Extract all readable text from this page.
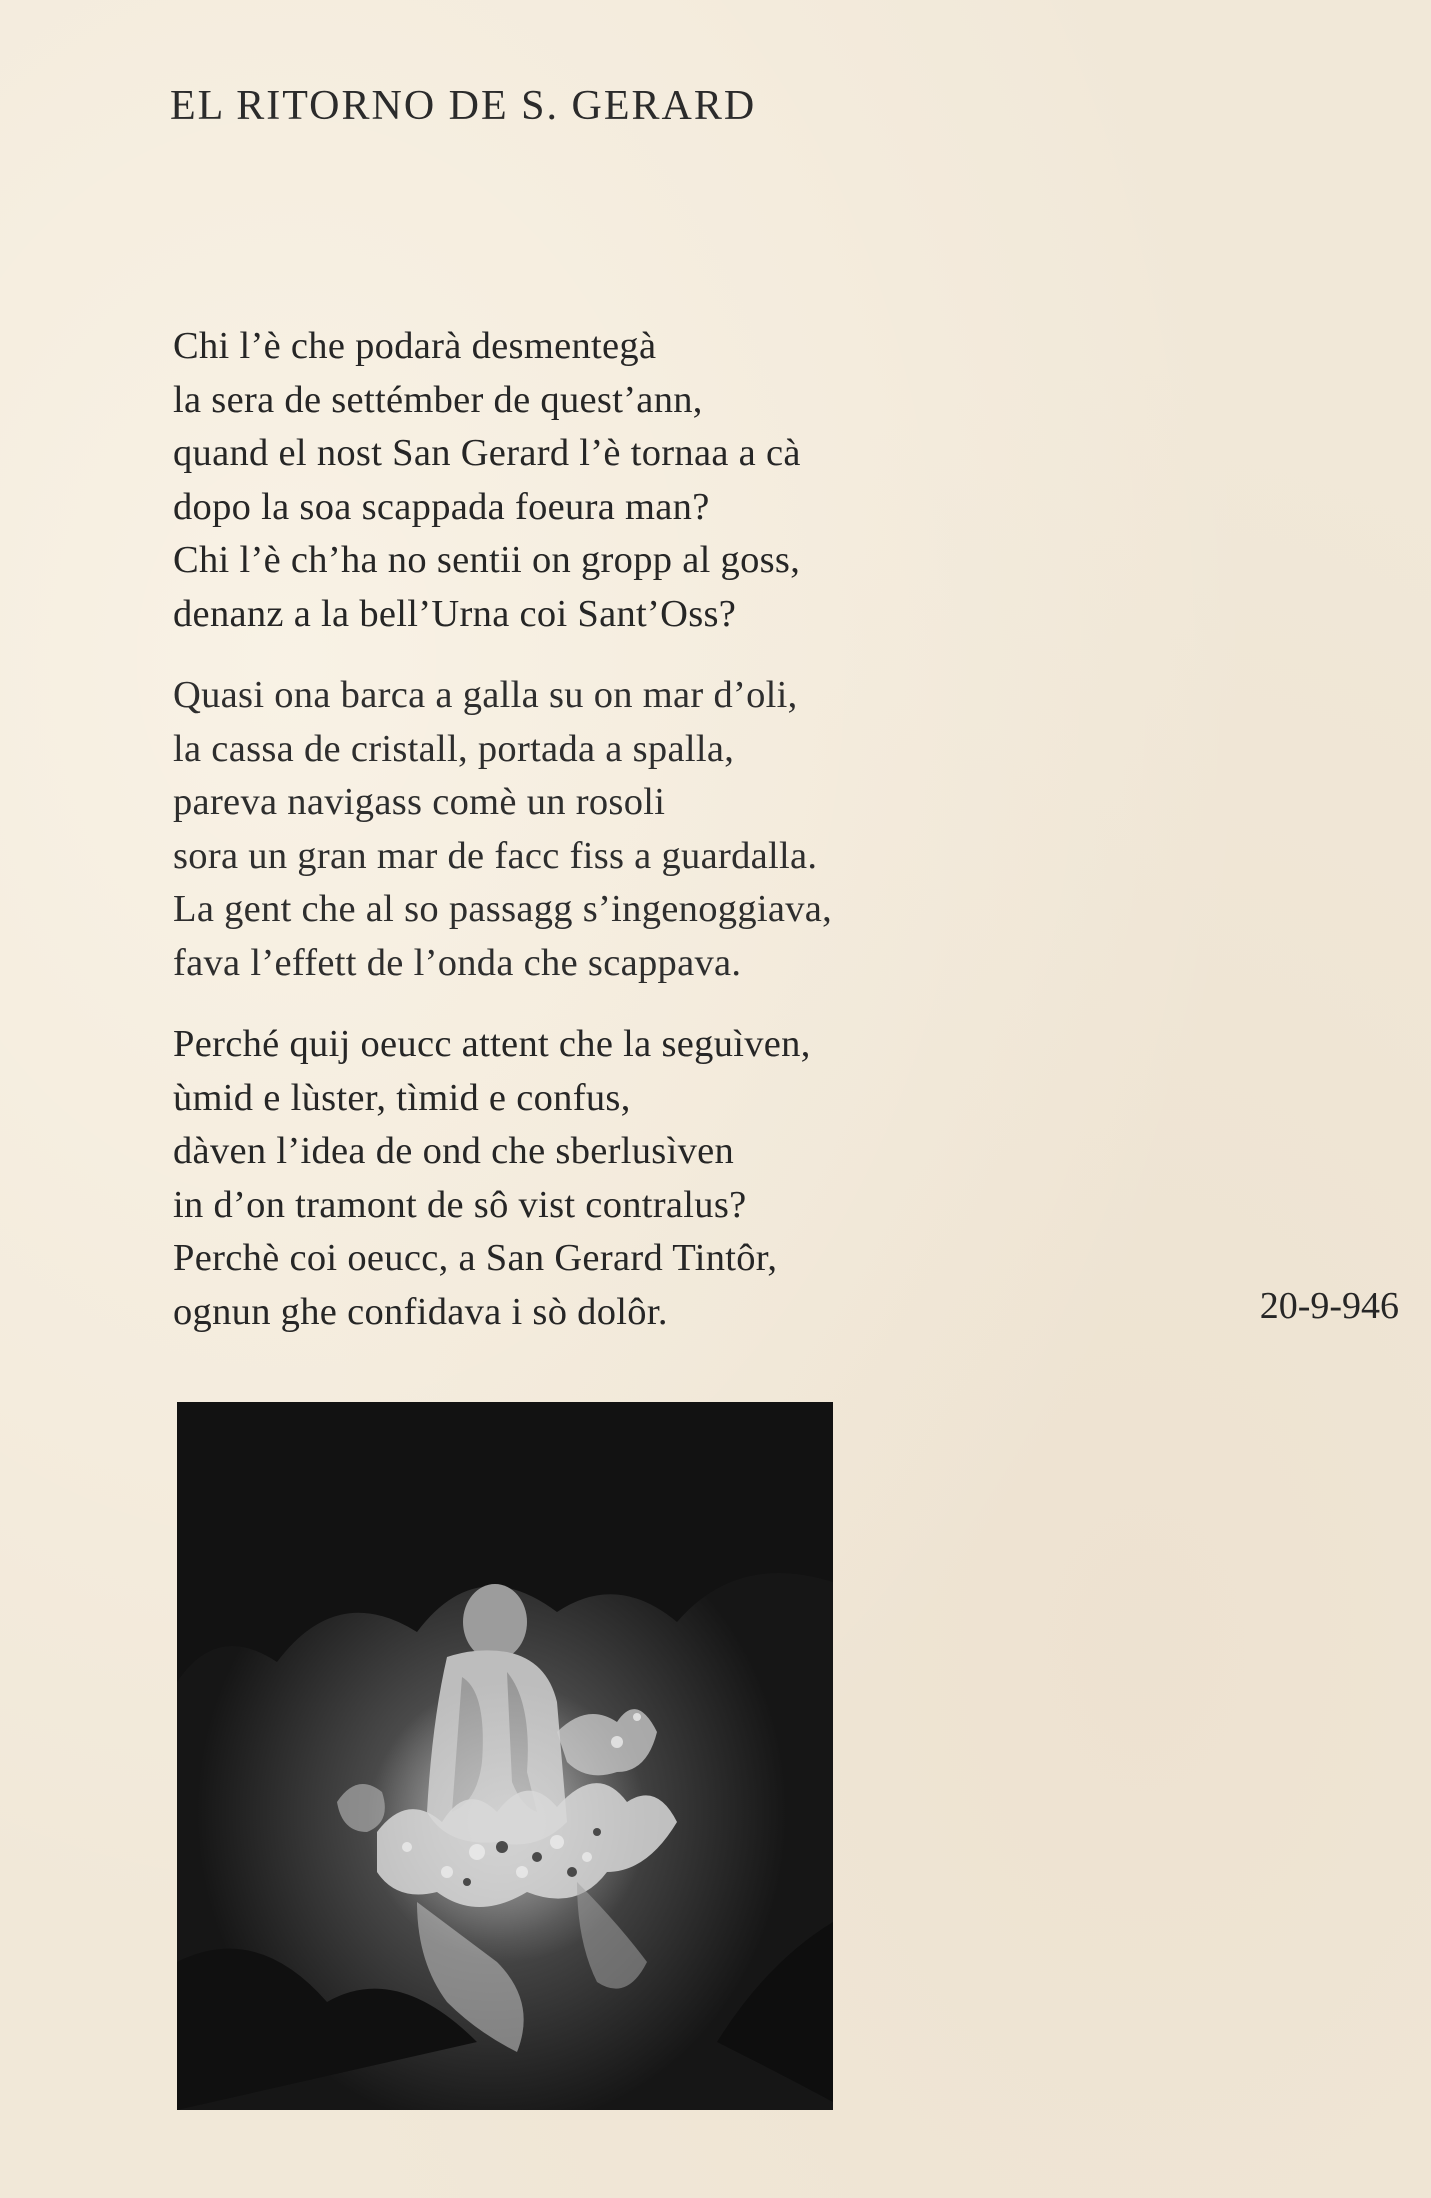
EL RITORNO DE S. GERARD
Chi l’è che podarà desmentegà
la sera de settémber de quest’ann,
quand el nost San Gerard l’è tornaa a cà
dopo la soa scappada foeura man?
Chi l’è ch’ha no sentii on gropp al goss,
denanz a la bell’Urna coi Sant’Oss?
Quasi ona barca a galla su on mar d’oli,
la cassa de cristall, portada a spalla,
pareva navigass comè un rosoli
sora un gran mar de facc fiss a guardalla.
La gent che al so passagg s’ingenoggiava,
fava l’effett de l’onda che scappava.
Perché quij oeucc attent che la seguìven,
ùmid e lùster, tìmid e confus,
dàven l’idea de ond che sberlusìven
in d’on tramont de sô vist contralus?
Perchè coi oeucc, a San Gerard Tintôr,
ognun ghe confidava i sò dolôr.	20-9-946
